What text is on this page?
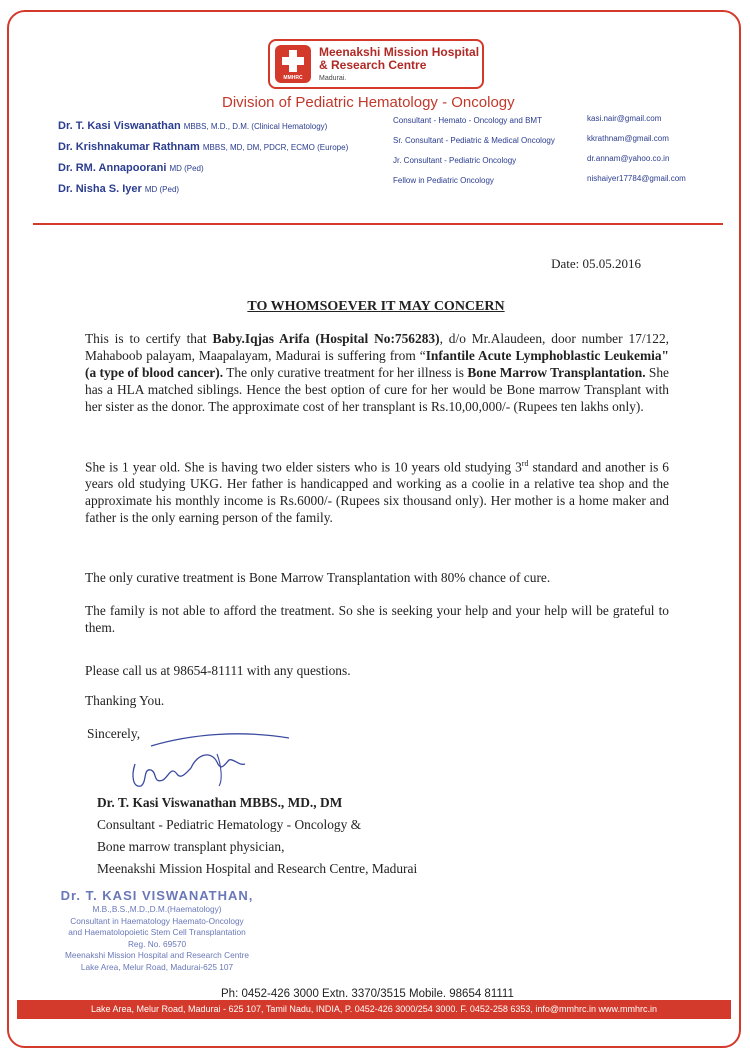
MMHRC
Meenakshi Mission Hospital
& Research Centre
Madurai.
Division of Pediatric Hematology - Oncology
Dr. T. Kasi Viswanathan MBBS, M.D., D.M. (Clinical Hematology)
Dr. Krishnakumar Rathnam MBBS, MD, DM, PDCR, ECMO (Europe)
Dr. RM. Annapoorani MD (Ped)
Dr. Nisha S. Iyer MD (Ped)
Consultant - Hemato - Oncology and BMT
Sr. Consultant - Pediatric & Medical Oncology
Jr. Consultant - Pediatric Oncology
Fellow in Pediatric Oncology
kasi.nair@gmail.com
kkrathnam@gmail.com
dr.annam@yahoo.co.in
nishaiyer17784@gmail.com
Date: 05.05.2016
TO WHOMSOEVER IT MAY CONCERN
This is to certify that Baby.Iqjas Arifa (Hospital No:756283), d/o Mr.Alaudeen, door number 17/122, Mahaboob palayam, Maapalayam, Madurai is suffering from “Infantile Acute Lymphoblastic Leukemia"(a type of blood cancer). The only curative treatment for her illness is Bone Marrow Transplantation. She has a HLA matched siblings. Hence the best option of cure for her would be Bone marrow Transplant with her sister as the donor. The approximate cost of her transplant is Rs.10,00,000/- (Rupees ten lakhs only).
She is 1 year old. She is having two elder sisters who is 10 years old studying 3rd standard and another is 6 years old studying UKG. Her father is handicapped and working as a coolie in a relative tea shop and the approximate his monthly income is Rs.6000/- (Rupees six thousand only). Her mother is a home maker and father is the only earning person of the family.
The only curative treatment is Bone Marrow Transplantation with 80% chance of cure.
The family is not able to afford the treatment. So she is seeking your help and your help will be grateful to them.
Please call us at 98654-81111 with any questions.
Thanking You.
Sincerely,
Dr. T. Kasi Viswanathan MBBS., MD., DM
Consultant - Pediatric Hematology - Oncology &
Bone marrow transplant physician,
Meenakshi Mission Hospital and Research Centre, Madurai
Dr. T. KASI VISWANATHAN,
M.B.,B.S.,M.D.,D.M.(Haematology)
Consultant in Haematology Haemato-Oncology
and Haematolopoietic Stem Cell Transplantation
Reg. No. 69570
Meenakshi Mission Hospital and Research Centre
Lake Area, Melur Road, Madurai-625 107
Ph: 0452-426 3000 Extn. 3370/3515 Mobile. 98654 81111
Lake Area, Melur Road, Madurai - 625 107, Tamil Nadu, INDIA, P. 0452-426 3000/254 3000. F. 0452-258 6353, info@mmhrc.in www.mmhrc.in
